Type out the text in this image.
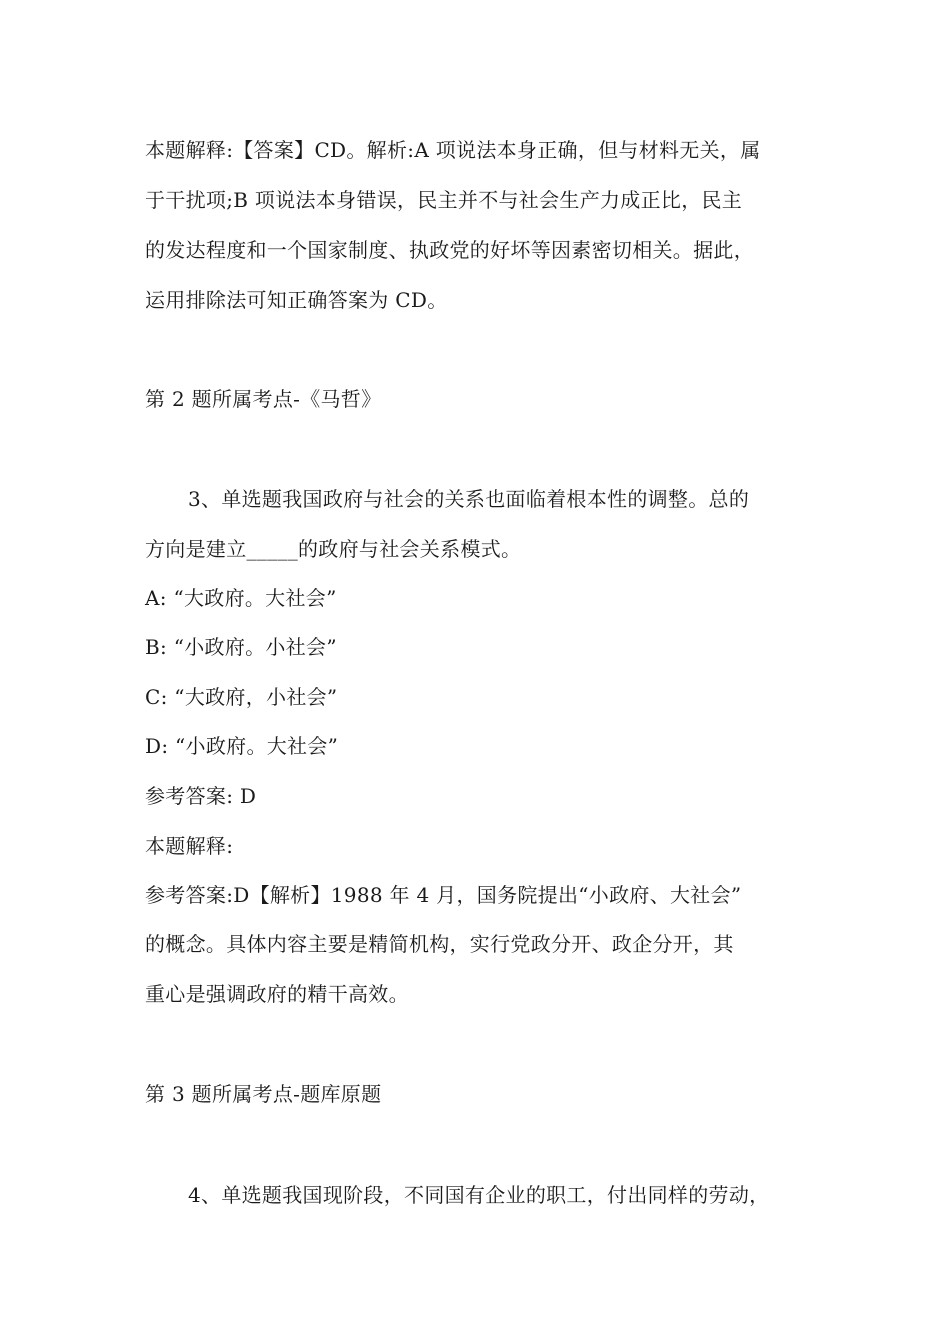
本题解释:【答案】CD。解析:A 项说法本身正确，但与材料无关，属
于干扰项;B 项说法本身错误，民主并不与社会生产力成正比，民主
的发达程度和一个国家制度、执政党的好坏等因素密切相关。据此，
运用排除法可知正确答案为 CD。
第 2 题所属考点-《马哲》
3、单选题我国政府与社会的关系也面临着根本性的调整。总的
方向是建立_____的政府与社会关系模式。
A: “大政府。大社会”
B: “小政府。小社会”
C: “大政府，小社会”
D: “小政府。大社会”
参考答案: D
本题解释:
参考答案:D【解析】1988 年 4 月，国务院提出“小政府、大社会”
的概念。具体内容主要是精简机构，实行党政分开、政企分开，其
重心是强调政府的精干高效。
第 3 题所属考点-题库原题
4、单选题我国现阶段，不同国有企业的职工，付出同样的劳动，
